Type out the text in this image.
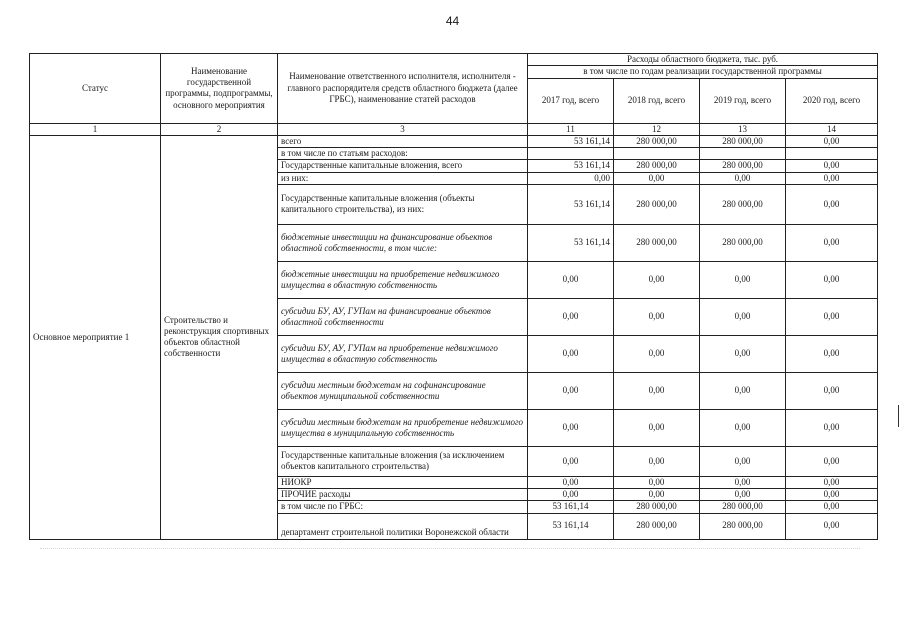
44
Статус	Наименование государственной программы, подпрограммы, основного мероприятия	Наименование ответственного исполнителя, исполнителя - главного распорядителя средств областного бюджета (далее ГРБС), наименование статей расходов	Расходы областного бюджета, тыс. руб.			
			в том числе по годам реализации государственной программы			
			2017 год, всего	2018 год, всего	2019 год, всего	2020 год, всего
1	2	3	11	12	13	14
Основное мероприятие 1	Строительство и реконструкция спортивных объектов областной собственности	всего	53 161,14	280 000,00	280 000,00	0,00
		в том числе по статьям расходов:				
		Государственные капитальные вложения, всего	53 161,14	280 000,00	280 000,00	0,00
		из них:	0,00	0,00	0,00	0,00
		Государственные капитальные вложения (объекты капитального строительства), из них:	53 161,14	280 000,00	280 000,00	0,00
		бюджетные инвестиции на финансирование объектов областной собственности, в том числе:	53 161,14	280 000,00	280 000,00	0,00
		бюджетные инвестиции на приобретение недвижимого имущества в областную собственность	0,00	0,00	0,00	0,00
		субсидии БУ, АУ, ГУПам на финансирование объектов областной собственности	0,00	0,00	0,00	0,00
		субсидии БУ, АУ, ГУПам на приобретение недвижимого имущества в областную собственность	0,00	0,00	0,00	0,00
		субсидии местным бюджетам на софинансирование объектов муниципальной собственности	0,00	0,00	0,00	0,00
		субсидии местным бюджетам на приобретение недвижимого имущества в муниципальную собственность	0,00	0,00	0,00	0,00
		Государственные капитальные вложения (за исключением объектов капитального строительства)	0,00	0,00	0,00	0,00
		НИОКР	0,00	0,00	0,00	0,00
		ПРОЧИЕ расходы	0,00	0,00	0,00	0,00
		в том числе по ГРБС:	53 161,14	280 000,00	280 000,00	0,00
		департамент строительной политики Воронежской области	53 161,14	280 000,00	280 000,00	0,00
